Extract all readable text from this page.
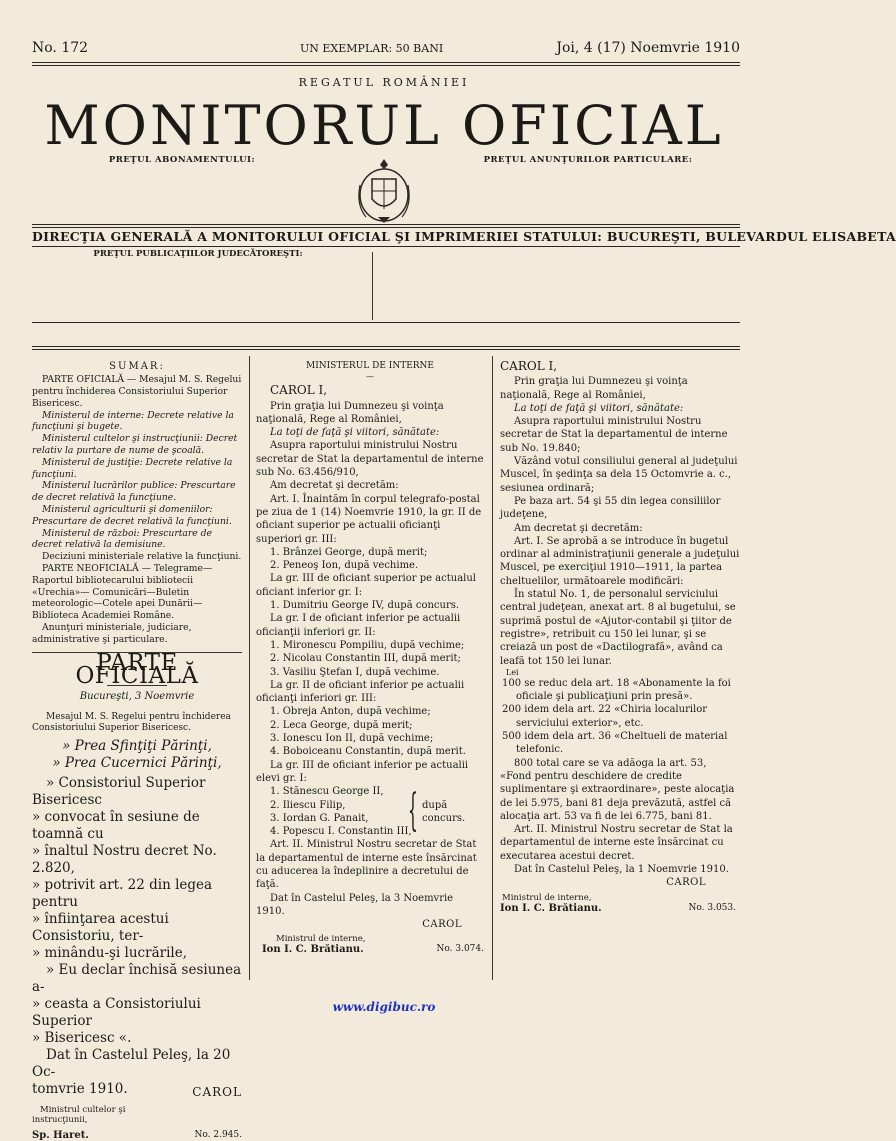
No. 172	UN EXEMPLAR: 50 BANI	Joi, 4 (17) Noemvrie 1910
REGATUL ROMÂNIEI
MONITORUL OFICIAL
PREŢUL ABONAMENTULUI:	PREŢUL ANUNŢURILOR PARTICULARE:
DIRECŢIA GENERALĂ A MONITORULUI OFICIAL ŞI IMPRIMERIEI STATULUI: BUCUREŞTI, BULEVARDUL ELISABETA
PREŢUL PUBLICAŢIILOR JUDECĂTOREŞTI:
SUMAR:

PARTE OFICIALĂ — Mesajul M. S. Regelui pentru închiderea Consistoriului Superior Bisericesc.

Ministerul de interne: Decrete relative la funcţiuni şi bugete.

Ministerul cultelor şi instrucţiunii: Decret relativ la purtare de nume de şcoală.

Ministerul de justiţie: Decrete relative la funcţiuni.

Ministerul lucrărilor publice: Prescurtare de decret relativă la funcţiune.

Ministerul agriculturii şi domeniilor: Prescurtare de decret relativă la funcţiuni.

Ministerul de război: Prescurtare de decret relativă la demisiune.

Deciziuni ministeriale relative la funcţiuni.

PARTE NEOFICIALĂ — Telegrame— Raportul bibliotecarului bibliotecii «Urechia»— Comunicări—Buletin meteorologic—Cotele apei Dunării—Biblioteca Academiei Române.

Anunţuri ministeriale, judiciare, administrative şi particulare.

PARTE OFICIALĂ

Bucureşti, 3 Noemvrie

Mesajul M. S. Regelui pentru închiderea Consistoriului Superior Bisericesc.

» Prea Sfinţiţi Părinţi,

» Prea Cucernici Părinţi,

» Consistoriul Superior Bisericesc

» convocat în sesiune de toamnă cu

» înaltul Nostru decret No. 2.820,

» potrivit art. 22 din legea pentru

» înfiinţarea acestui Consistoriu, ter-

» minându-şi lucrările,

» Eu declar închisă sesiunea a-

» ceasta a Consistoriului Superior

» Bisericesc «.

Dat în Castelul Peleş, la 20 Oc-

tomvrie 1910.	CAROL

Ministrul cultelor şi

instrucţiunii,

Sp. Haret.	No. 2.945.

MINISTERUL DE INTERNE

—

CAROL I,

Prin graţia lui Dumnezeu şi voinţa naţională, Rege al României,

La toţi de faţă şi viitori, sănătate:

Asupra raportului ministrului Nostru secretar de Stat la departamentul de interne sub No. 63.456/910,

Am decretat şi decretăm:

Art. I. Înaintăm în corpul telegrafo-postal pe ziua de 1 (14) Noemvrie 1910, la gr. II de oficiant superior pe actualii oficianţi superiori gr. III:

1. Brânzei George, după merit;

2. Peneoş Ion, după vechime.

La gr. III de oficiant superior pe actualul oficiant inferior gr. I:

1. Dumitriu George IV, după concurs.

La gr. I de oficiant inferior pe actualii oficianţii inferiori gr. II:

1. Mironescu Pompiliu, după vechime;

2. Nicolau Constantin III, după merit;

3. Vasiliu Ştefan I, după vechime.

La gr. II de oficiant inferior pe actualii oficianţi inferiori gr. III:

1. Obreja Anton, după vechime;

2. Leca George, după merit;

3. Ionescu Ion II, după vechime;

4. Boboiceanu Constantin, după merit.

La gr. III de oficiant inferior pe actualii elevi gr. I:

1. Stănescu George II,

2. Iliescu Filip,

3. Iordan G. Panait,

4. Popescu I. Constantin III,

{ după
concurs.

Art. II. Ministrul Nostru secretar de Stat la departamentul de interne este însărcinat cu aducerea la îndeplinire a decretului de faţă.

Dat în Castelul Peleş, la 3 Noemvrie 1910.

CAROL

Ministrul de interne,

Ion I. C. Brătianu.	No. 3.074.

CAROL I,

Prin graţia lui Dumnezeu şi voinţa naţională, Rege al României,

La toţi de faţă şi viitori, sănătate:

Asupra raportului ministrului Nostru secretar de Stat la departamentul de interne sub No. 19.840;

Văzând votul consiliului general al judeţului Muscel, în şedinţa sa dela 15 Octomvrie a. c., sesiunea ordinară;

Pe baza art. 54 şi 55 din legea consiliilor judeţene,

Am decretat şi decretăm:

Art. I. Se aprobă a se introduce în bugetul ordinar al administraţiunii generale a judeţului Muscel, pe exerciţiul 1910—1911, la partea cheltuelilor, următoarele modificări:

În statul No. 1, de personalul serviciului central judeţean, anexat art. 8 al bugetului, se suprimă postul de «Ajutor-contabil şi ţiitor de registre», retribuit cu 150 lei lunar, şi se creiază un post de «Dactilografă», având ca leafă tot 150 lei lunar.

Lei

100 se reduc dela art. 18 «Abonamente la foi oficiale şi publicaţiuni prin presă».

200 idem dela art. 22 «Chiria localurilor serviciului exterior», etc.

500 idem dela art. 36 «Cheltueli de material telefonic.

800 total care se va adăoga la art. 53, «Fond pentru deschidere de credite suplimentare şi extraordinare», peste alocaţia de lei 5.975, bani 81 deja prevăzută, astfel că alocaţia art. 53 va fi de lei 6.775, bani 81.

Art. II. Ministrul Nostru secretar de Stat la departamentul de interne este însărcinat cu executarea acestui decret.

Dat în Castelul Peleş, la 1 Noemvrie 1910.

CAROL

Ministrul de interne,

Ion I. C. Brătianu.	No. 3.053.
www.digibuc.ro
